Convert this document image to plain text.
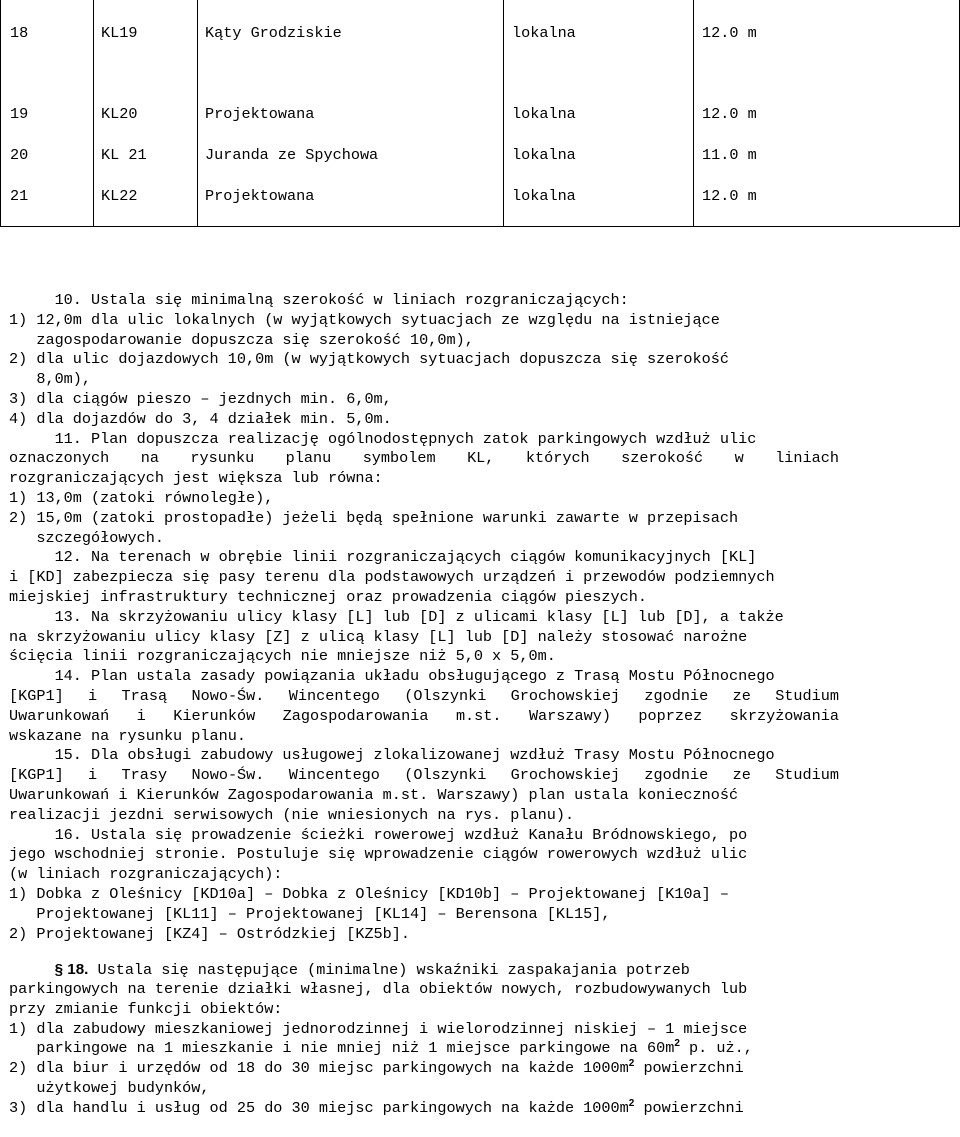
18	KL19	Kąty Grodziskie	lokalna	12.0 m
19	KL20	Projektowana	lokalna	12.0 m
20	KL 21	Juranda ze Spychowa	lokalna	11.0 m
21	KL22	Projektowana	lokalna	12.0 m
10. Ustala się minimalną szerokość w liniach rozgraniczających:
1) 12,0m dla ulic lokalnych (w wyjątkowych sytuacjach ze względu na istniejące
zagospodarowanie dopuszcza się szerokość 10,0m),
2) dla ulic dojazdowych 10,0m (w wyjątkowych sytuacjach dopuszcza się szerokość
8,0m),
3) dla ciągów pieszo – jezdnych min. 6,0m,
4) dla dojazdów do 3, 4 działek min. 5,0m.
11. Plan dopuszcza realizację ogólnodostępnych zatok parkingowych wzdłuż ulic
oznaczonych na rysunku planu symbolem KL, których szerokość w liniach
rozgraniczających jest większa lub równa:
1) 13,0m (zatoki równoległe),
2) 15,0m (zatoki prostopadłe) jeżeli będą spełnione warunki zawarte w przepisach
szczegółowych.
12. Na terenach w obrębie linii rozgraniczających ciągów komunikacyjnych [KL]
i [KD] zabezpiecza się pasy terenu dla podstawowych urządzeń i przewodów podziemnych
miejskiej infrastruktury technicznej oraz prowadzenia ciągów pieszych.
13. Na skrzyżowaniu ulicy klasy [L] lub [D] z ulicami klasy [L] lub [D], a także
na skrzyżowaniu ulicy klasy [Z] z ulicą klasy [L] lub [D] należy stosować narożne
ścięcia linii rozgraniczających nie mniejsze niż 5,0 x 5,0m.
14. Plan ustala zasady powiązania układu obsługującego z Trasą Mostu Północnego
[KGP1] i Trasą Nowo-Św. Wincentego (Olszynki Grochowskiej zgodnie ze Studium
Uwarunkowań i Kierunków Zagospodarowania m.st. Warszawy) poprzez skrzyżowania
wskazane na rysunku planu.
15. Dla obsługi zabudowy usługowej zlokalizowanej wzdłuż Trasy Mostu Północnego
[KGP1] i Trasy Nowo-Św. Wincentego (Olszynki Grochowskiej zgodnie ze Studium
Uwarunkowań i Kierunków Zagospodarowania m.st. Warszawy) plan ustala konieczność
realizacji jezdni serwisowych (nie wniesionych na rys. planu).
16. Ustala się prowadzenie ścieżki rowerowej wzdłuż Kanału Bródnowskiego, po
jego wschodniej stronie. Postuluje się wprowadzenie ciągów rowerowych wzdłuż ulic
(w liniach rozgraniczających):
1) Dobka z Oleśnicy [KD10a] – Dobka z Oleśnicy [KD10b] – Projektowanej [K10a] –
Projektowanej [KL11] – Projektowanej [KL14] – Berensona [KL15],
2) Projektowanej [KZ4] – Ostródzkiej [KZ5b].
§ 18. Ustala się następujące (minimalne) wskaźniki zaspakajania potrzeb
parkingowych na terenie działki własnej, dla obiektów nowych, rozbudowywanych lub
przy zmianie funkcji obiektów:
1) dla zabudowy mieszkaniowej jednorodzinnej i wielorodzinnej niskiej – 1 miejsce
parkingowe na 1 mieszkanie i nie mniej niż 1 miejsce parkingowe na $60m^2$ p. uż.,
2) dla biur i urzędów od 18 do 30 miejsc parkingowych na każde $1000m^2$ powierzchni
użytkowej budynków,
3) dla handlu i usług od 25 do 30 miejsc parkingowych na każde $1000m^2$ powierzchni
